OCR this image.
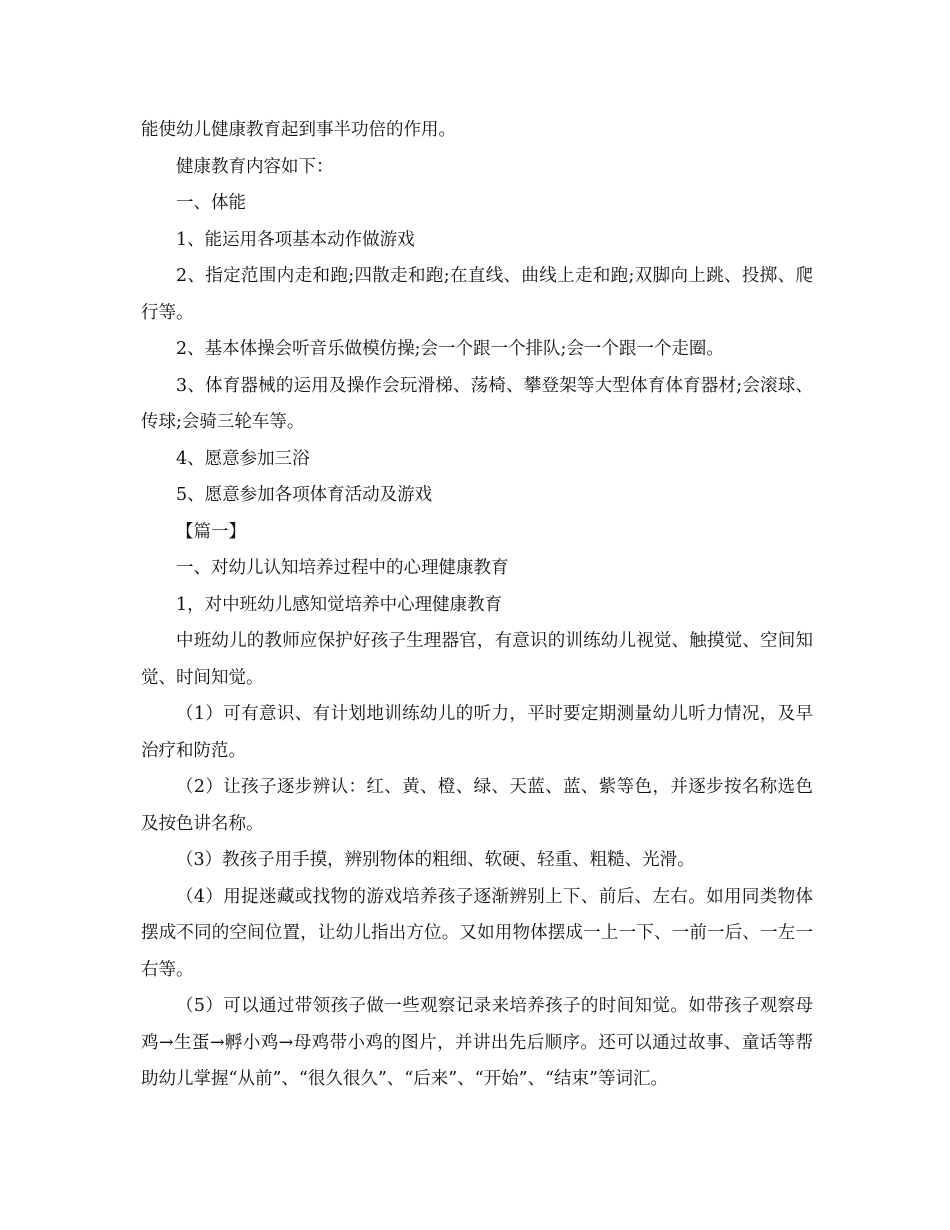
能使幼儿健康教育起到事半功倍的作用。

健康教育内容如下：

一、体能

1、能运用各项基本动作做游戏

2、指定范围内走和跑;四散走和跑;在直线、曲线上走和跑;双脚向上跳、投掷、爬行等。

2、基本体操会听音乐做模仿操;会一个跟一个排队;会一个跟一个走圈。

3、体育器械的运用及操作会玩滑梯、荡椅、攀登架等大型体育体育器材;会滚球、传球;会骑三轮车等。

4、愿意参加三浴

5、愿意参加各项体育活动及游戏

【篇一】

一、对幼儿认知培养过程中的心理健康教育

1，对中班幼儿感知觉培养中心理健康教育

中班幼儿的教师应保护好孩子生理器官，有意识的训练幼儿视觉、触摸觉、空间知觉、时间知觉。

（1）可有意识、有计划地训练幼儿的听力，平时要定期测量幼儿听力情况，及早治疗和防范。

（2）让孩子逐步辨认：红、黄、橙、绿、天蓝、蓝、紫等色，并逐步按名称选色及按色讲名称。

（3）教孩子用手摸，辨别物体的粗细、软硬、轻重、粗糙、光滑。

（4）用捉迷藏或找物的游戏培养孩子逐渐辨别上下、前后、左右。如用同类物体摆成不同的空间位置，让幼儿指出方位。又如用物体摆成一上一下、一前一后、一左一右等。

（5）可以通过带领孩子做一些观察记录来培养孩子的时间知觉。如带孩子观察母鸡→生蛋→孵小鸡→母鸡带小鸡的图片，并讲出先后顺序。还可以通过故事、童话等帮助幼儿掌握“从前”、“很久很久”、“后来”、“开始”、“结束”等词汇。
